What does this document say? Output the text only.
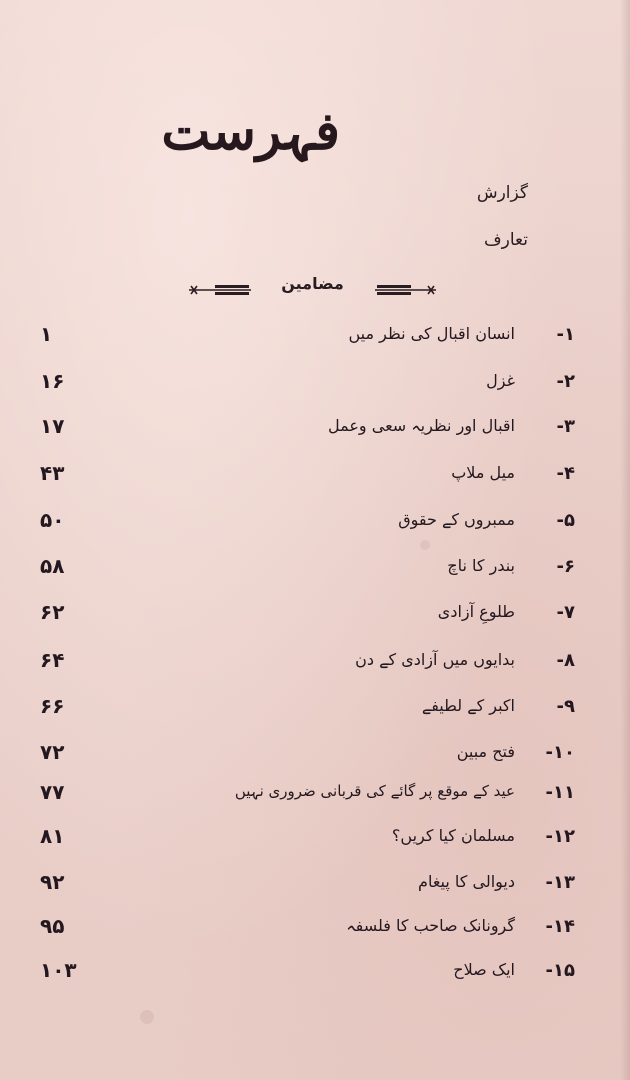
فہرست
گزارش
تعارف
مضامین
۱-
انسان اقبال کی نظر میں
۱
۲-
غزل
۱۶
۳-
اقبال اور نظریہ سعی وعمل
۱۷
۴-
میل ملاپ
۴۳
۵-
ممبروں کے حقوق
۵۰
۶-
بندر کا ناچ
۵۸
۷-
طلوعِ آزادی
۶۲
۸-
بدایوں میں آزادی کے دن
۶۴
۹-
اکبر کے لطیفے
۶۶
۱۰-
فتح مبین
۷۲
۱۱-
عید کے موقع پر گائے کی قربانی ضروری نہیں
۷۷
۱۲-
مسلمان کیا کریں؟
۸۱
۱۳-
دیوالی کا پیغام
۹۲
۱۴-
گرونانک صاحب کا فلسفہ
۹۵
۱۵-
ایک صلاح
۱۰۳
